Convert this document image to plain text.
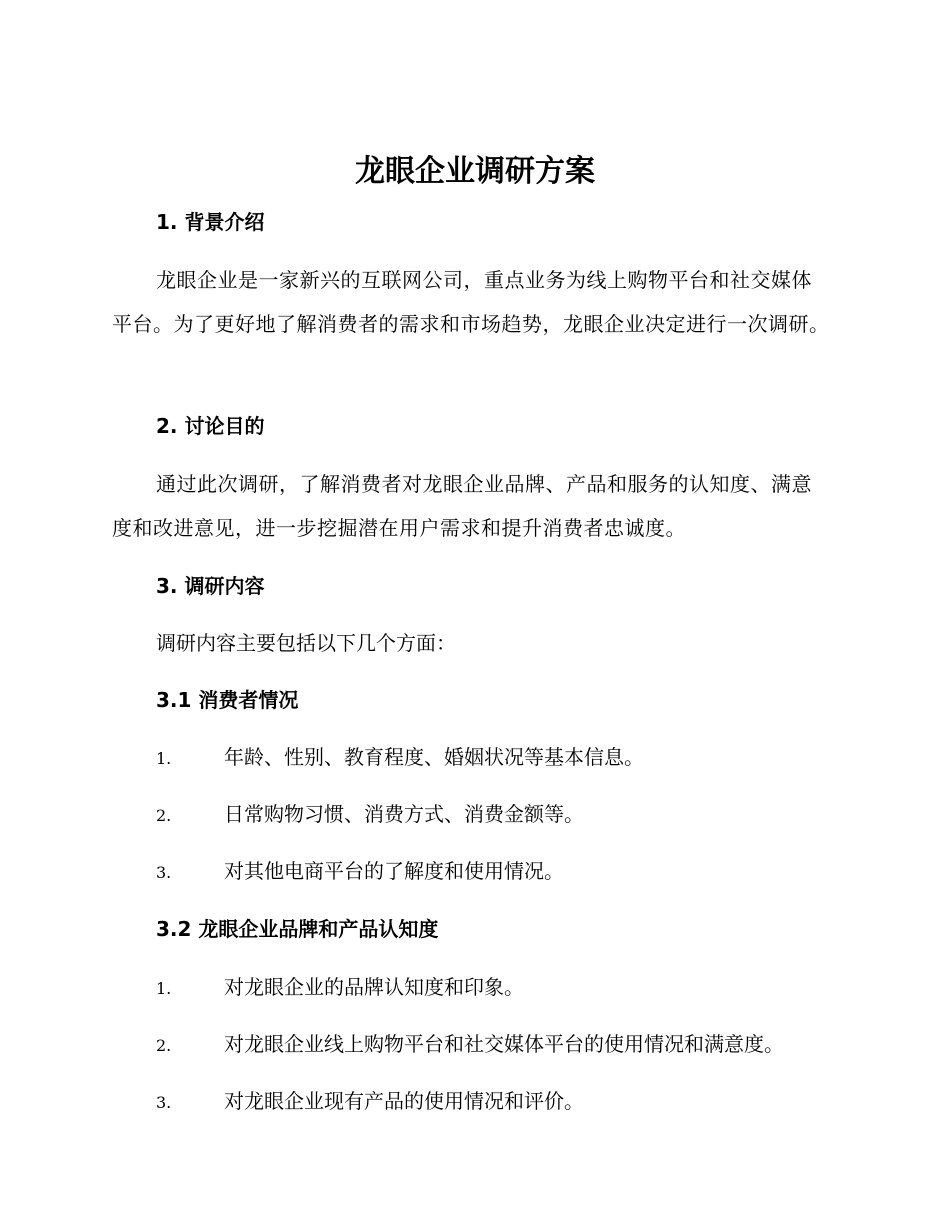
龙眼企业调研方案
1. 背景介绍

龙眼企业是一家新兴的互联网公司，重点业务为线上购物平台和社交媒体平台。为了更好地了解消费者的需求和市场趋势，龙眼企业决定进行一次调研。

2. 讨论目的

通过此次调研，了解消费者对龙眼企业品牌、产品和服务的认知度、满意度和改进意见，进一步挖掘潜在用户需求和提升消费者忠诚度。

3. 调研内容

调研内容主要包括以下几个方面：

3.1 消费者情况
1.	年龄、性别、教育程度、婚姻状况等基本信息。
2.	日常购物习惯、消费方式、消费金额等。
3.	对其他电商平台的了解度和使用情况。
3.2 龙眼企业品牌和产品认知度
1.	对龙眼企业的品牌认知度和印象。
2.	对龙眼企业线上购物平台和社交媒体平台的使用情况和满意度。
3.	对龙眼企业现有产品的使用情况和评价。
